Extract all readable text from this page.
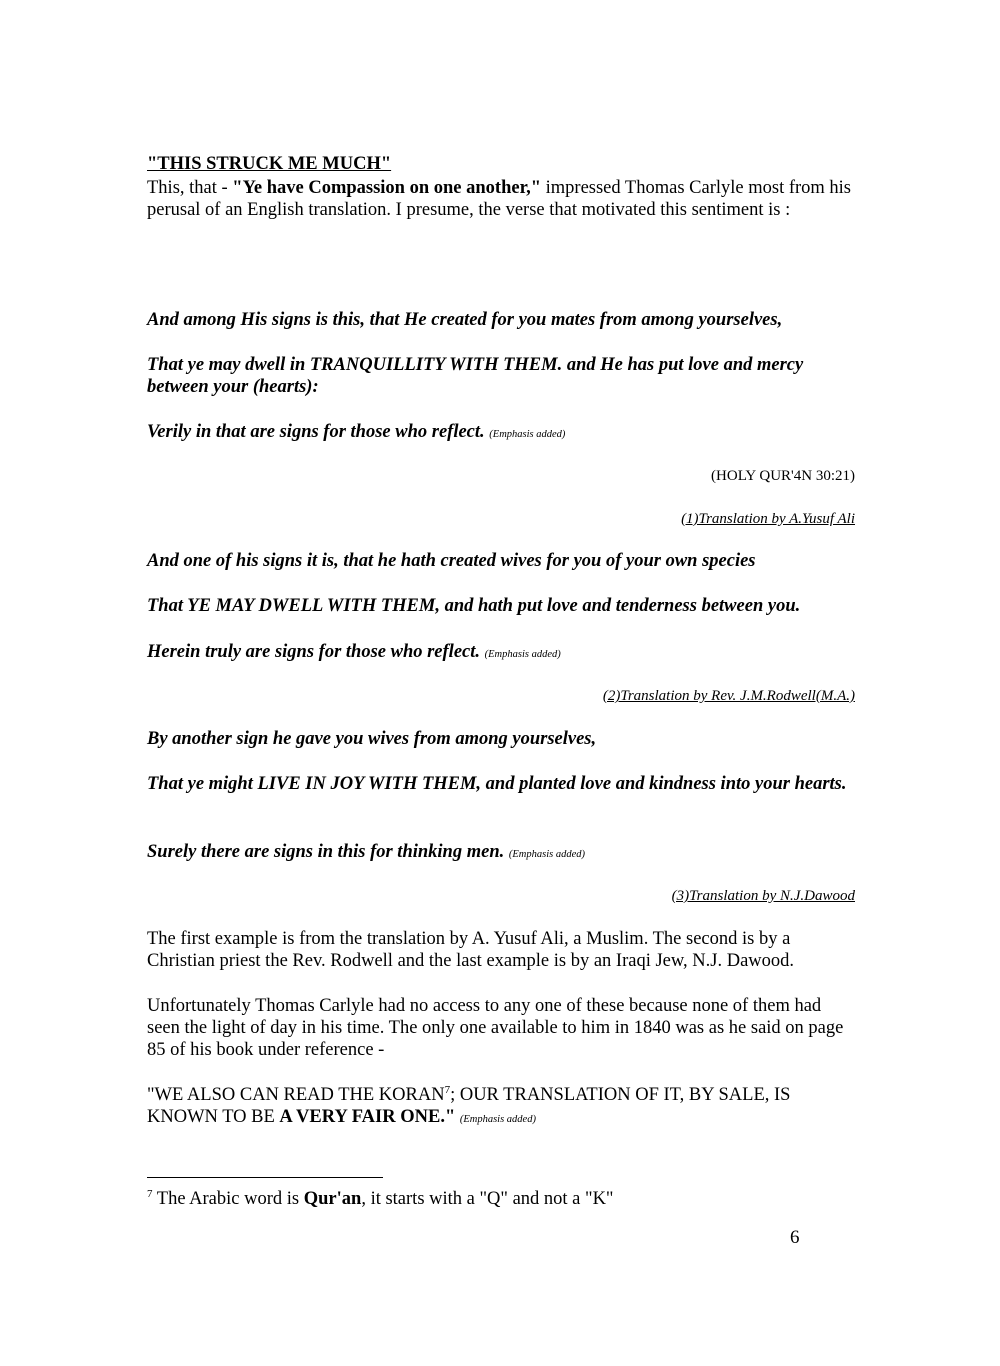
"THIS STRUCK ME MUCH"

This, that - "Ye have Compassion on one another," impressed Thomas Carlyle most from his perusal of an English translation. I presume, the verse that motivated this sentiment is :

And among His signs is this, that He created for you mates from among yourselves,

That ye may dwell in TRANQUILLITY WITH THEM. and He has put love and mercy between your (hearts):

Verily in that are signs for those who reflect. (Emphasis added)

(HOLY QUR'4N 30:21)

(1)Translation by A.Yusuf Ali

And one of his signs it is, that he hath created wives for you of your own species

That YE MAY DWELL WITH THEM, and hath put love and tenderness between you.

Herein truly are signs for those who reflect. (Emphasis added)

(2)Translation by Rev. J.M.Rodwell(M.A.)

By another sign he gave you wives from among yourselves,

That ye might LIVE IN JOY WITH THEM, and planted love and kindness into your hearts.

Surely there are signs in this for thinking men. (Emphasis added)

(3)Translation by N.J.Dawood

The first example is from the translation by A. Yusuf Ali, a Muslim. The second is by a Christian priest the Rev. Rodwell and the last example is by an Iraqi Jew, N.J. Dawood.

Unfortunately Thomas Carlyle had no access to any one of these because none of them had seen the light of day in his time. The only one available to him in 1840 was as he said on page 85 of his book under reference -

"WE ALSO CAN READ THE KORAN$^7$; OUR TRANSLATION OF IT, BY SALE, IS KNOWN TO BE A VERY FAIR ONE." (Emphasis added)

$^7$ The Arabic word is Qur'an, it starts with a "Q" and not a "K"

6
